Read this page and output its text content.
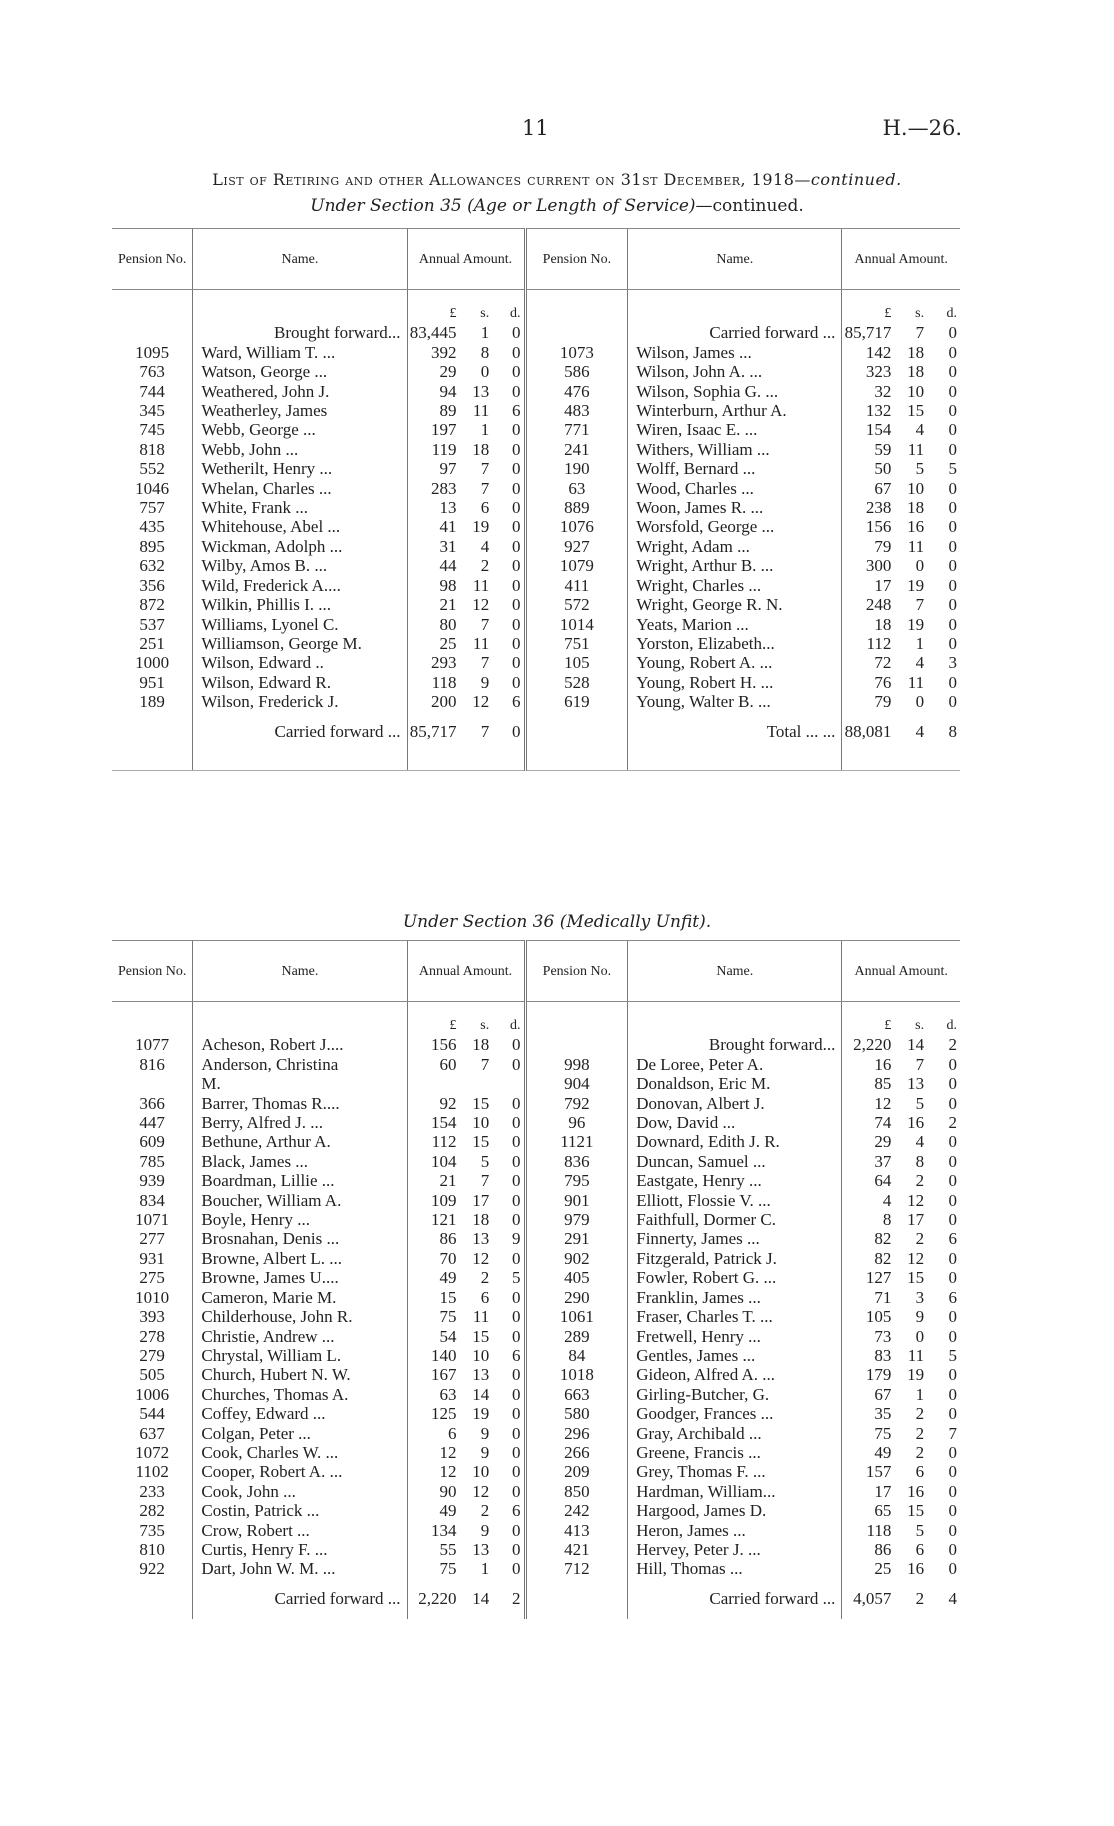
11	H.—26.
List of Retiring and other Allowances current on 31st December, 1918—continued.
Under Section 35 (Age or Length of Service)—continued.
Pension No.	Name.	Annual Amount.			Pension No.	Name.	Annual Amount.		

		£	s.	d.			£	s.	d.
	Brought forward...	83,445	1	0		Carried forward ...	85,717	7	0
1095	Ward, William T. ...	392	8	0	1073	Wilson, James ...	142	18	0
763	Watson, George ...	29	0	0	586	Wilson, John A. ...	323	18	0
744	Weathered, John J.	94	13	0	476	Wilson, Sophia G. ...	32	10	0
345	Weatherley, James	89	11	6	483	Winterburn, Arthur A.	132	15	0
745	Webb, George ...	197	1	0	771	Wiren, Isaac E. ...	154	4	0
818	Webb, John ...	119	18	0	241	Withers, William ...	59	11	0
552	Wetherilt, Henry ...	97	7	0	190	Wolff, Bernard ...	50	5	5
1046	Whelan, Charles ...	283	7	0	63	Wood, Charles ...	67	10	0
757	White, Frank ...	13	6	0	889	Woon, James R. ...	238	18	0
435	Whitehouse, Abel ...	41	19	0	1076	Worsfold, George ...	156	16	0
895	Wickman, Adolph ...	31	4	0	927	Wright, Adam ...	79	11	0
632	Wilby, Amos B. ...	44	2	0	1079	Wright, Arthur B. ...	300	0	0
356	Wild, Frederick A....	98	11	0	411	Wright, Charles ...	17	19	0
872	Wilkin, Phillis I. ...	21	12	0	572	Wright, George R. N.	248	7	0
537	Williams, Lyonel C.	80	7	0	1014	Yeats, Marion ...	18	19	0
251	Williamson, George M.	25	11	0	751	Yorston, Elizabeth...	112	1	0
1000	Wilson, Edward ..	293	7	0	105	Young, Robert A. ...	72	4	3
951	Wilson, Edward R.	118	9	0	528	Young, Robert H. ...	76	11	0
189	Wilson, Frederick J.	200	12	6	619	Young, Walter B. ...	79	0	0
	Carried forward ...	85,717	7	0		Total ... ...	88,081	4	8

Under Section 36 (Medically Unfit).
Pension No.	Name.	Annual Amount.			Pension No.	Name.	Annual Amount.		

		£	s.	d.			£	s.	d.
1077	Acheson, Robert J....	156	18	0		Brought forward...	2,220	14	2
816	Anderson, Christina	60	7	0	998	De Loree, Peter A.	16	7	0
	M.				904	Donaldson, Eric M.	85	13	0
366	Barrer, Thomas R....	92	15	0	792	Donovan, Albert J.	12	5	0
447	Berry, Alfred J. ...	154	10	0	96	Dow, David ...	74	16	2
609	Bethune, Arthur A.	112	15	0	1121	Downard, Edith J. R.	29	4	0
785	Black, James ...	104	5	0	836	Duncan, Samuel ...	37	8	0
939	Boardman, Lillie ...	21	7	0	795	Eastgate, Henry ...	64	2	0
834	Boucher, William A.	109	17	0	901	Elliott, Flossie V. ...	4	12	0
1071	Boyle, Henry ...	121	18	0	979	Faithfull, Dormer C.	8	17	0
277	Brosnahan, Denis ...	86	13	9	291	Finnerty, James ...	82	2	6
931	Browne, Albert L. ...	70	12	0	902	Fitzgerald, Patrick J.	82	12	0
275	Browne, James U....	49	2	5	405	Fowler, Robert G. ...	127	15	0
1010	Cameron, Marie M.	15	6	0	290	Franklin, James ...	71	3	6
393	Childerhouse, John R.	75	11	0	1061	Fraser, Charles T. ...	105	9	0
278	Christie, Andrew ...	54	15	0	289	Fretwell, Henry ...	73	0	0
279	Chrystal, William L.	140	10	6	84	Gentles, James ...	83	11	5
505	Church, Hubert N. W.	167	13	0	1018	Gideon, Alfred A. ...	179	19	0
1006	Churches, Thomas A.	63	14	0	663	Girling-Butcher, G.	67	1	0
544	Coffey, Edward ...	125	19	0	580	Goodger, Frances ...	35	2	0
637	Colgan, Peter ...	6	9	0	296	Gray, Archibald ...	75	2	7
1072	Cook, Charles W. ...	12	9	0	266	Greene, Francis ...	49	2	0
1102	Cooper, Robert A. ...	12	10	0	209	Grey, Thomas F. ...	157	6	0
233	Cook, John ...	90	12	0	850	Hardman, William...	17	16	0
282	Costin, Patrick ...	49	2	6	242	Hargood, James D.	65	15	0
735	Crow, Robert ...	134	9	0	413	Heron, James ...	118	5	0
810	Curtis, Henry F. ...	55	13	0	421	Hervey, Peter J. ...	86	6	0
922	Dart, John W. M. ...	75	1	0	712	Hill, Thomas ...	25	16	0
	Carried forward ...	2,220	14	2		Carried forward ...	4,057	2	4
